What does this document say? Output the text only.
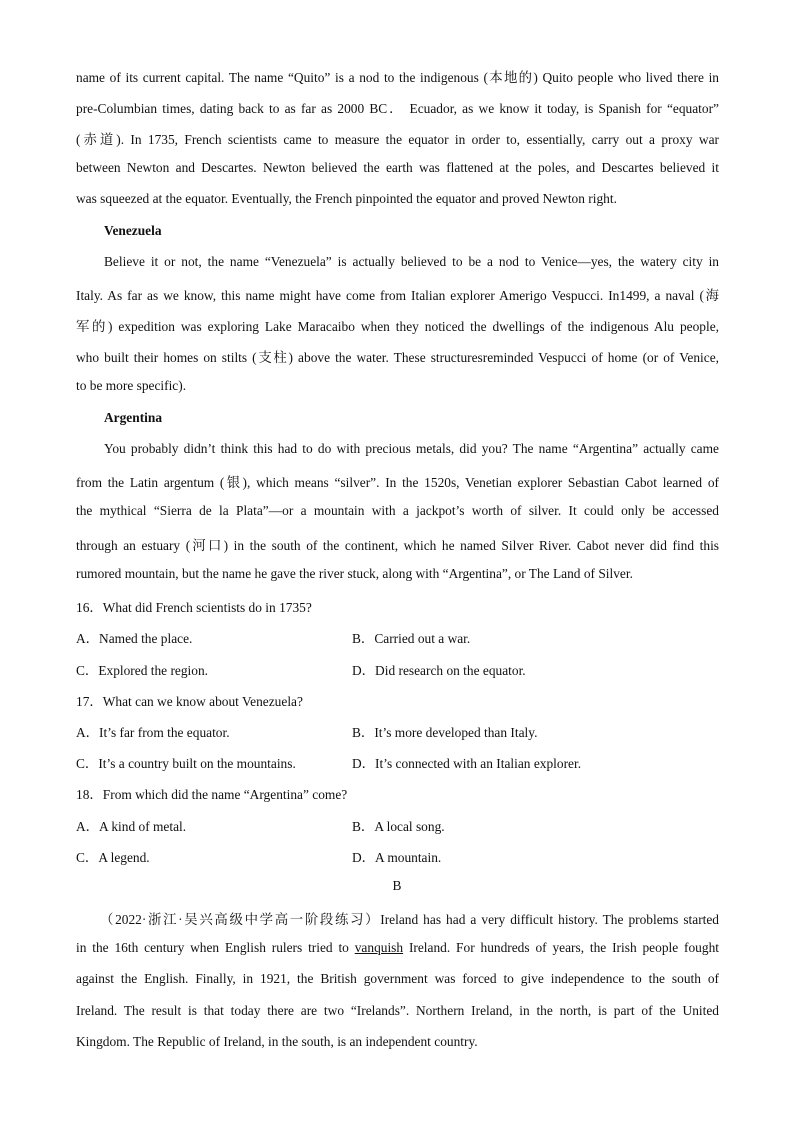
name of its current capital. The name “Quito” is a nod to the indigenous (本地的) Quito people who lived there in
pre-Columbian times, dating back to as far as 2000 BC． Ecuador, as we know it today, is Spanish for “equator”
(赤道). In 1735, French scientists came to measure the equator in order to, essentially, carry out a proxy war
between Newton and Descartes. Newton believed the earth was flattened at the poles, and Descartes believed it
was squeezed at the equator. Eventually, the French pinpointed the equator and proved Newton right.
Venezuela
Believe it or not, the name “Venezuela” is actually believed to be a nod to Venice—yes, the watery city in
Italy. As far as we know, this name might have come from Italian explorer Amerigo Vespucci. In1499, a naval (海
军的) expedition was exploring Lake Maracaibo when they noticed the dwellings of the indigenous Alu people,
who built their homes on stilts (支柱) above the water. These structuresreminded Vespucci of home (or of Venice,
to be more specific).
Argentina
You probably didn’t think this had to do with precious metals, did you? The name “Argentina” actually came
from the Latin argentum (银), which means “silver”. In the 1520s, Venetian explorer Sebastian Cabot learned of
the mythical “Sierra de la Plata”—or a mountain with a jackpot’s worth of silver. It could only be accessed
through an estuary (河口) in the south of the continent, which he named Silver River. Cabot never did find this
rumored mountain, but the name he gave the river stuck, along with “Argentina”, or The Land of Silver.
16．What did French scientists do in 1735?
A．Named the place.	B．Carried out a war.
C．Explored the region.	D．Did research on the equator.
17．What can we know about Venezuela?
A．It’s far from the equator.	B．It’s more developed than Italy.
C．It’s a country built on the mountains.	D．It’s connected with an Italian explorer.
18．From which did the name “Argentina” come?
A．A kind of metal.	B．A local song.
C．A legend.	D．A mountain.
B
（2022·浙江·吴兴高级中学高一阶段练习）Ireland has had a very difficult history. The problems started
in the 16th century when English rulers tried to vanquish Ireland. For hundreds of years, the Irish people fought
against the English. Finally, in 1921, the British government was forced to give independence to the south of
Ireland. The result is that today there are two “Irelands”. Northern Ireland, in the north, is part of the United
Kingdom. The Republic of Ireland, in the south, is an independent country.
